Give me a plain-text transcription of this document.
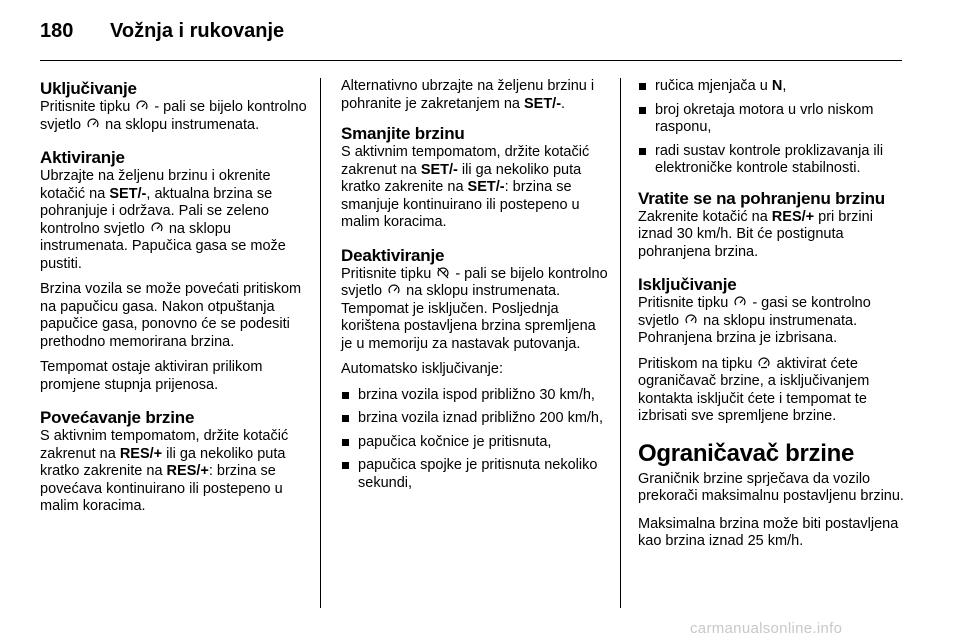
180 Vožnja i rukovanje
Uključivanje

Pritisnite tipku
- pali se bijelo kontrolno svjetlo
na sklopu instrumenata.

Aktiviranje

Ubrzajte na željenu brzinu i okrenite kotačić na SET/-, aktualna brzina se pohranjuje i održava. Pali se zeleno kontrolno svjetlo
na sklopu instrumenata. Papučica gasa se može pustiti.

Brzina vozila se može povećati pritiskom na papučicu gasa. Nakon otpuštanja papučice gasa, ponovno će se podesiti prethodno memorirana brzina.

Tempomat ostaje aktiviran prilikom promjene stupnja prijenosa.

Povećavanje brzine

S aktivnim tempomatom, držite kotačić zakrenut na RES/+ ili ga nekoliko puta kratko zakrenite na RES/+: brzina se povećava kontinuirano ili postepeno u malim koracima.

Alternativno ubrzajte na željenu brzinu i pohranite je zakretanjem na SET/-.

Smanjite brzinu

S aktivnim tempomatom, držite kotačić zakrenut na SET/- ili ga nekoliko puta kratko zakrenite na SET/-: brzina se smanjuje kontinuirano ili postepeno u malim koracima.

Deaktiviranje

Pritisnite tipku
- pali se bijelo kontrolno svjetlo
na sklopu instrumenata. Tempomat je isključen. Posljednja korištena postavljena brzina spremljena je u memoriju za nastavak putovanja.

Automatsko isključivanje:

brzina vozila ispod približno 30 km/h,
brzina vozila iznad približno 200 km/h,
papučica kočnice je pritisnuta,
papučica spojke je pritisnuta nekoliko sekundi,
ručica mjenjača u N,
broj okretaja motora u vrlo niskom rasponu,
radi sustav kontrole proklizavanja ili elektroničke kontrole stabilnosti.
Vratite se na pohranjenu brzinu

Zakrenite kotačić na RES/+ pri brzini iznad 30 km/h. Bit će postignuta pohranjena brzina.

Isključivanje

Pritisnite tipku
- gasi se kontrolno svjetlo
na sklopu instrumenata. Pohranjena brzina je izbrisana.

Pritiskom na tipku
aktivirat ćete ograničavač brzine, a isključivanjem kontakta isključit ćete i tempomat te izbrisati sve spremljene brzine.

Ograničavač brzine

Graničnik brzine sprječava da vozilo prekorači maksimalnu postavljenu brzinu.

Maksimalna brzina može biti postavljena kao brzina iznad 25 km/h.

carmanualsonline.info
